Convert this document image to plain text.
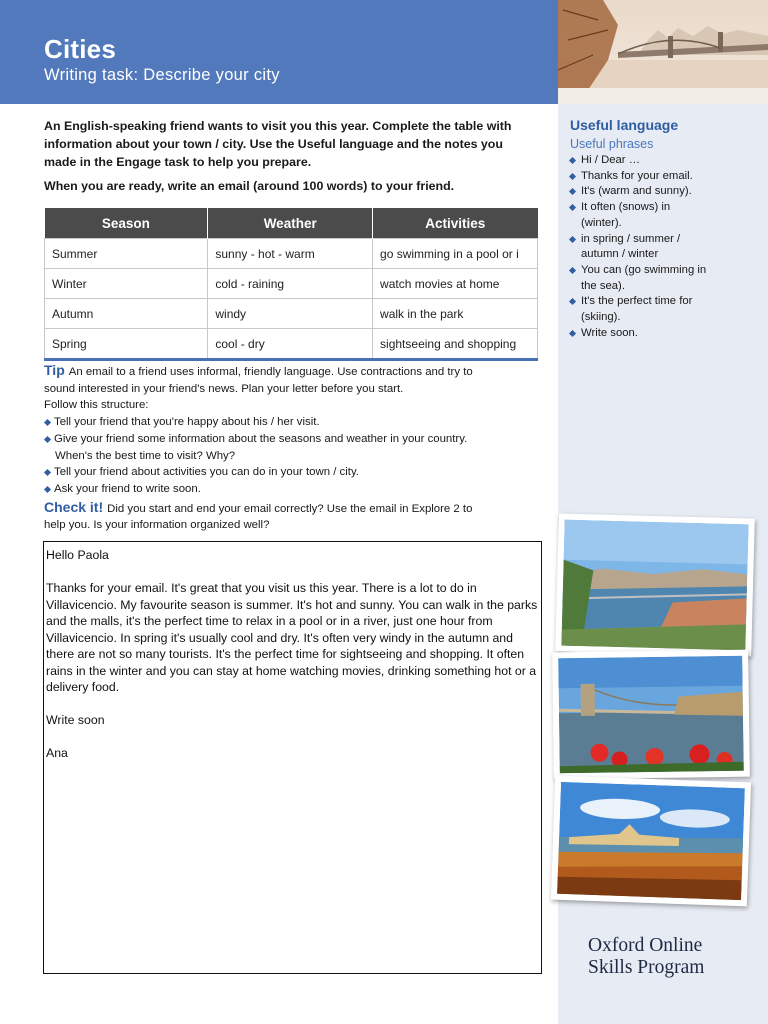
Cities
Writing task: Describe your city
Useful language
Useful phrases
Hi / Dear …
Thanks for your email.
It's (warm and sunny).
It often (snows) in
(winter).
in spring / summer /
autumn / winter
You can (go swimming in
the sea).
It's the perfect time for
(skiing).
Write soon.

An English-speaking friend wants to visit you this year. Complete the table with information about your town / city. Use the Useful language and the notes you made in the Engage task to help you prepare.

When you are ready, write an email (around 100 words) to your friend.

Season	Weather	Activities
Summer	sunny - hot - warm	go swimming in a pool or i
Winter	cold - raining	watch movies at home
Autumn	windy	walk in the park
Spring	cool - dry	sightseeing and shopping
Tip An email to a friend uses informal, friendly language. Use contractions and try to
sound interested in your friend's news. Plan your letter before you start.
Follow this structure:
Tell your friend that you're happy about his / her visit.
Give your friend some information about the seasons and weather in your country.
When's the best time to visit? Why?
Tell your friend about activities you can do in your town / city.
Ask your friend to write soon.
Check it! Did you start and end your email correctly? Use the email in Explore 2 to
help you. Is your information organized well?

Hello Paola

Thanks for your email. It's great that you visit us this year. There is a lot to do in Villavicencio. My favourite season is summer. It's hot and sunny. You can walk in the parks and the malls, it's the perfect time to relax in a pool or in a river, just one hour from Villavicencio. In spring it's usually cool and dry. It's often very windy in the autumn and there are not so many tourists. It's the perfect time for sightseeing and shopping. It often rains in the winter and you can stay at home watching movies, drinking something hot or a delivery food.

Write soon

Ana

Oxford Online
Skills Program
